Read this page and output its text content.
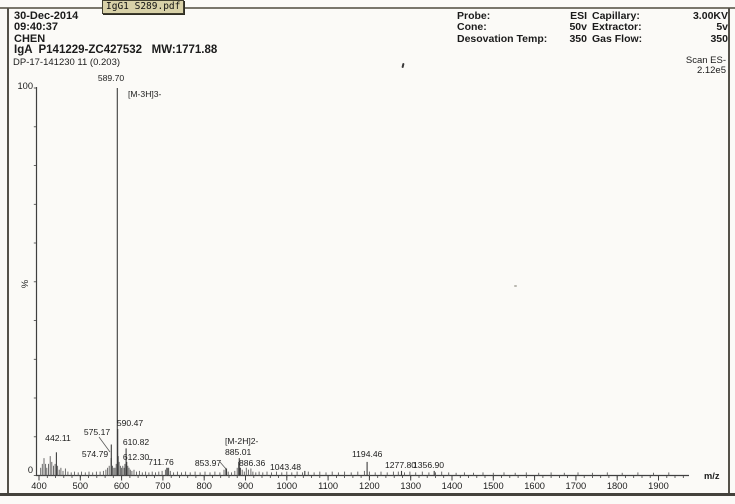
IgG1 S289.pdf
30-Dec-2014
09:40:37
CHEN
IgA  P141229-ZC427532   MW:1771.88
DP-17-141230 11 (0.203)
Probe:	ESI
Cone:	50v
Desovation Temp: 350
Capillary:	3.00KV
Extractor:	5v
Gas Flow:	350
Scan ES-
2.12e5
400	500	600	700	800	900 1000 1100 1200 1300 1400 1500 1600 1700 1800 1900
m/z
100
0
%
442.11
574.79
575.17
589.70
590.47
610.82
612.30 711.76 853.97
885.01
886.36 1043.48
1194.46
1277.80
1356.90
[M-3H]3-
[M-2H]2-
